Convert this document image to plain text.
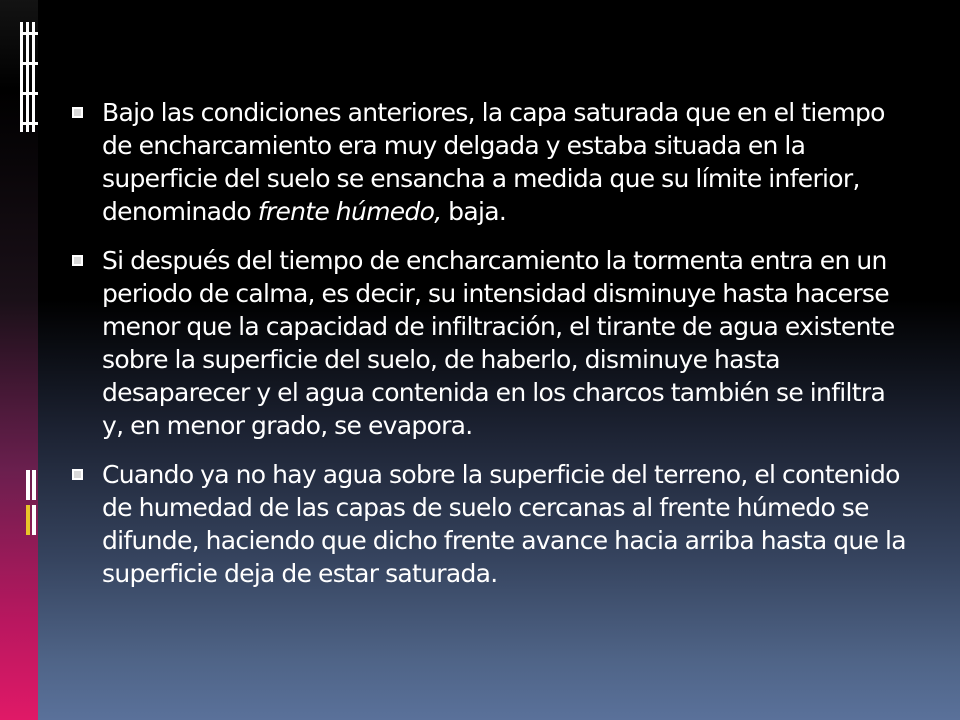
Bajo las condiciones anteriores, la capa saturada que en el tiempo de encharcamiento era muy delgada y estaba situada en la superficie del suelo se ensancha a medida que su límite inferior, denominado frente húmedo, baja.
Si después del tiempo de encharcamiento la tormenta entra en un periodo de calma, es decir, su intensidad disminuye hasta hacerse menor que la capacidad de infiltración, el tirante de agua existente sobre la superficie del suelo, de haberlo, disminuye hasta desaparecer y el agua contenida en los charcos también se infiltra y, en menor grado, se evapora.
Cuando ya no hay agua sobre la superficie del terreno, el contenido de humedad de las capas de suelo cercanas al frente húmedo se difunde, haciendo que dicho frente avance hacia arriba hasta que la superficie deja de estar saturada.
